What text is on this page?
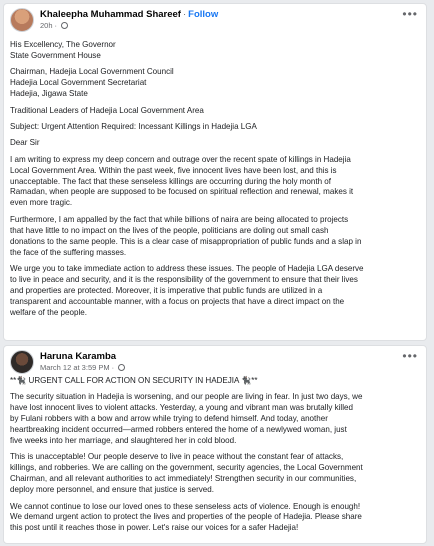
Khaleepha Muhammad Shareef · Follow
20h ·
•••

His Excellency, The Governor
State Government House

Chairman, Hadejia Local Government Council
Hadejia Local Government Secretariat
Hadejia, Jigawa State

Traditional Leaders of Hadejia Local Government Area

Subject: Urgent Attention Required: Incessant Killings in Hadejia LGA

Dear Sir

I am writing to express my deep concern and outrage over the recent spate of killings in Hadejia
Local Government Area. Within the past week, five innocent lives have been lost, and this is
unacceptable. The fact that these senseless killings are occurring during the holy month of
Ramadan, when people are supposed to be focused on spiritual reflection and renewal, makes it
even more tragic.

Furthermore, I am appalled by the fact that while billions of naira are being allocated to projects
that have little to no impact on the lives of the people, politicians are doling out small cash
donations to the same people. This is a clear case of misappropriation of public funds and a slap in
the face of the suffering masses.

We urge you to take immediate action to address these issues. The people of Hadejia LGA deserve
to live in peace and security, and it is the responsibility of the government to ensure that their lives
and properties are protected. Moreover, it is imperative that public funds are utilized in a
transparent and accountable manner, with a focus on projects that have a direct impact on the
welfare of the people.

Haruna Karamba
March 12 at 3:59 PM ·
•••

**🐈‍⬛ URGENT CALL FOR ACTION ON SECURITY IN HADEJIA 🐈‍⬛**

The security situation in Hadejia is worsening, and our people are living in fear. In just two days, we
have lost innocent lives to violent attacks. Yesterday, a young and vibrant man was brutally killed
by Fulani robbers with a bow and arrow while trying to defend himself. And today, another
heartbreaking incident occurred—armed robbers entered the home of a newlywed woman, just
five weeks into her marriage, and slaughtered her in cold blood.

This is unacceptable! Our people deserve to live in peace without the constant fear of attacks,
killings, and robberies. We are calling on the government, security agencies, the Local Government
Chairman, and all relevant authorities to act immediately! Strengthen security in our communities,
deploy more personnel, and ensure that justice is served.

We cannot continue to lose our loved ones to these senseless acts of violence. Enough is enough!
We demand urgent action to protect the lives and properties of the people of Hadejia. Please share
this post until it reaches those in power. Let's raise our voices for a safer Hadejia!
